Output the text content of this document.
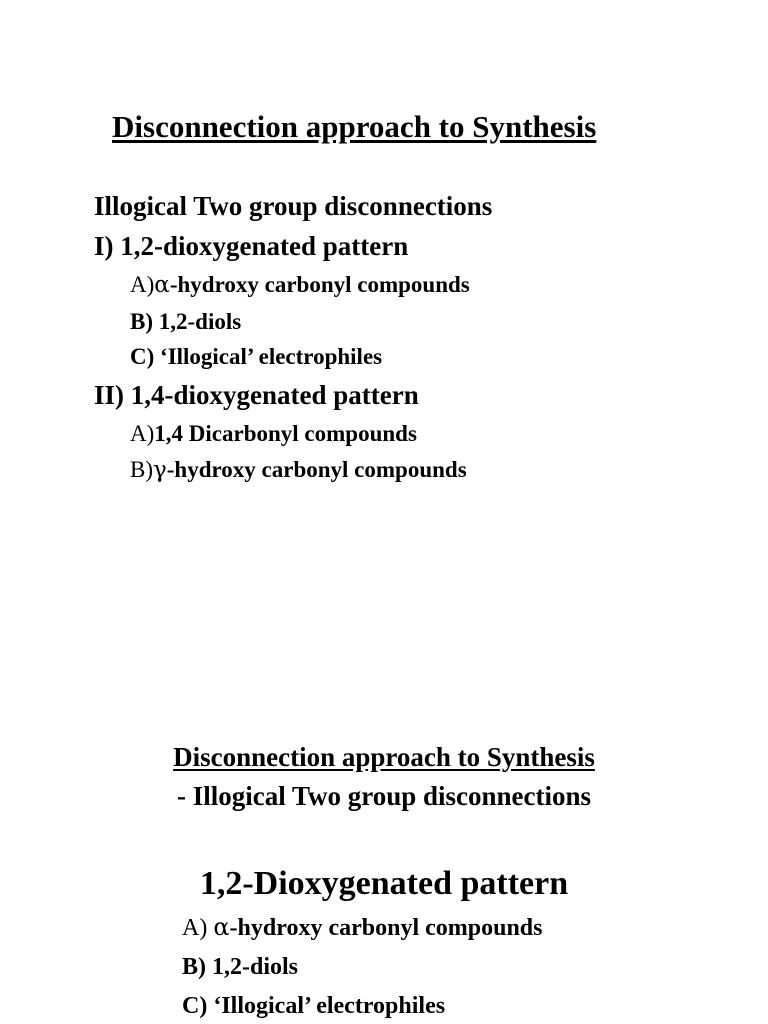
Disconnection approach to Synthesis
Illogical Two group disconnections
I) 1,2-dioxygenated pattern
A)α-hydroxy carbonyl compounds
B) 1,2-diols
C) ‘Illogical’ electrophiles
II) 1,4-dioxygenated pattern
A)1,4 Dicarbonyl compounds
B)γ-hydroxy carbonyl compounds
Disconnection approach to Synthesis
- Illogical Two group disconnections
1,2-Dioxygenated pattern
A) α-hydroxy carbonyl compounds
B) 1,2-diols
C) ‘Illogical’ electrophiles
